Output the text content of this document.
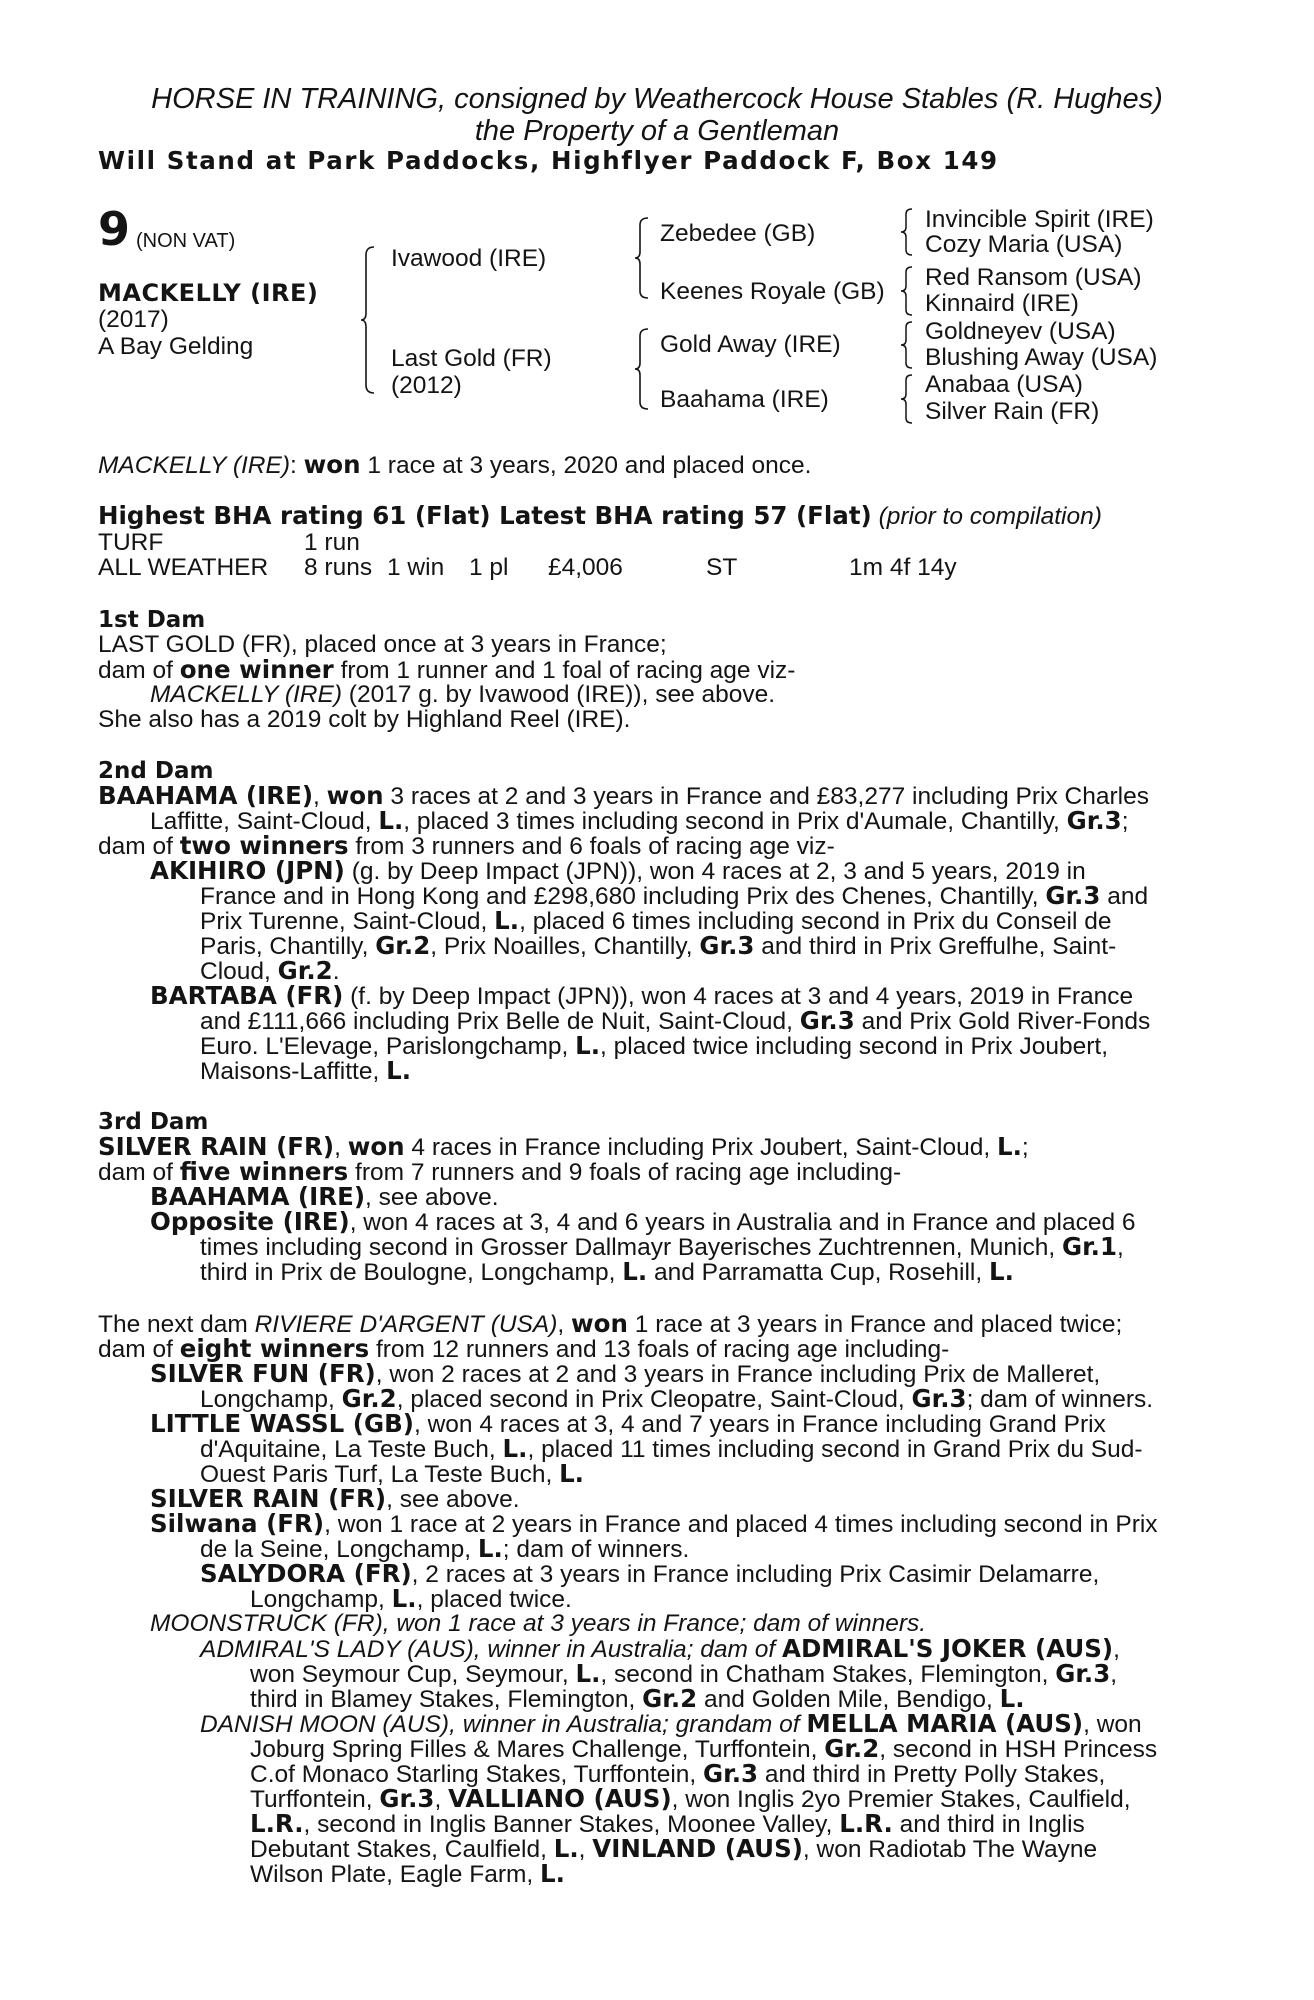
HORSE IN TRAINING, consigned by Weathercock House Stables (R. Hughes)
the Property of a Gentleman
Will Stand at Park Paddocks, Highflyer Paddock F, Box 149
9 (NON VAT)
MACKELLY (IRE)
(2017)
A Bay Gelding
Ivawood (IRE)
Last Gold (FR)
(2012)
Zebedee (GB)
Keenes Royale (GB)
Gold Away (IRE)
Baahama (IRE)
Invincible Spirit (IRE)
Cozy Maria (USA)
Red Ransom (USA)
Kinnaird (IRE)
Goldneyev (USA)
Blushing Away (USA)
Anabaa (USA)
Silver Rain (FR)
MACKELLY (IRE): won 1 race at 3 years, 2020 and placed once.
Highest BHA rating 61 (Flat) Latest BHA rating 57 (Flat) (prior to compilation)
TURF	1 run
ALL WEATHER 8 runs 1 win 1 pl £4,006	ST	1m 4f 14y
1st Dam
LAST GOLD (FR), placed once at 3 years in France;
dam of one winner from 1 runner and 1 foal of racing age viz-
MACKELLY (IRE) (2017 g. by Ivawood (IRE)), see above.
She also has a 2019 colt by Highland Reel (IRE).
2nd Dam
BAAHAMA (IRE), won 3 races at 2 and 3 years in France and £83,277 including Prix Charles
Laffitte, Saint-Cloud, L., placed 3 times including second in Prix d'Aumale, Chantilly, Gr.3;
dam of two winners from 3 runners and 6 foals of racing age viz-
AKIHIRO (JPN) (g. by Deep Impact (JPN)), won 4 races at 2, 3 and 5 years, 2019 in
France and in Hong Kong and £298,680 including Prix des Chenes, Chantilly, Gr.3 and
Prix Turenne, Saint-Cloud, L., placed 6 times including second in Prix du Conseil de
Paris, Chantilly, Gr.2, Prix Noailles, Chantilly, Gr.3 and third in Prix Greffulhe, Saint-
Cloud, Gr.2.
BARTABA (FR) (f. by Deep Impact (JPN)), won 4 races at 3 and 4 years, 2019 in France
and £111,666 including Prix Belle de Nuit, Saint-Cloud, Gr.3 and Prix Gold River-Fonds
Euro. L'Elevage, Parislongchamp, L., placed twice including second in Prix Joubert,
Maisons-Laffitte, L.
3rd Dam
SILVER RAIN (FR), won 4 races in France including Prix Joubert, Saint-Cloud, L.;
dam of five winners from 7 runners and 9 foals of racing age including-
BAAHAMA (IRE), see above.
Opposite (IRE), won 4 races at 3, 4 and 6 years in Australia and in France and placed 6
times including second in Grosser Dallmayr Bayerisches Zuchtrennen, Munich, Gr.1,
third in Prix de Boulogne, Longchamp, L. and Parramatta Cup, Rosehill, L.
The next dam RIVIERE D'ARGENT (USA), won 1 race at 3 years in France and placed twice;
dam of eight winners from 12 runners and 13 foals of racing age including-
SILVER FUN (FR), won 2 races at 2 and 3 years in France including Prix de Malleret,
Longchamp, Gr.2, placed second in Prix Cleopatre, Saint-Cloud, Gr.3; dam of winners.
LITTLE WASSL (GB), won 4 races at 3, 4 and 7 years in France including Grand Prix
d'Aquitaine, La Teste Buch, L., placed 11 times including second in Grand Prix du Sud-
Ouest Paris Turf, La Teste Buch, L.
SILVER RAIN (FR), see above.
Silwana (FR), won 1 race at 2 years in France and placed 4 times including second in Prix
de la Seine, Longchamp, L.; dam of winners.
SALYDORA (FR), 2 races at 3 years in France including Prix Casimir Delamarre,
Longchamp, L., placed twice.
MOONSTRUCK (FR), won 1 race at 3 years in France; dam of winners.
ADMIRAL'S LADY (AUS), winner in Australia; dam of ADMIRAL'S JOKER (AUS),
won Seymour Cup, Seymour, L., second in Chatham Stakes, Flemington, Gr.3,
third in Blamey Stakes, Flemington, Gr.2 and Golden Mile, Bendigo, L.
DANISH MOON (AUS), winner in Australia; grandam of MELLA MARIA (AUS), won
Joburg Spring Filles & Mares Challenge, Turffontein, Gr.2, second in HSH Princess
C.of Monaco Starling Stakes, Turffontein, Gr.3 and third in Pretty Polly Stakes,
Turffontein, Gr.3, VALLIANO (AUS), won Inglis 2yo Premier Stakes, Caulfield,
L.R., second in Inglis Banner Stakes, Moonee Valley, L.R. and third in Inglis
Debutant Stakes, Caulfield, L., VINLAND (AUS), won Radiotab The Wayne
Wilson Plate, Eagle Farm, L.
